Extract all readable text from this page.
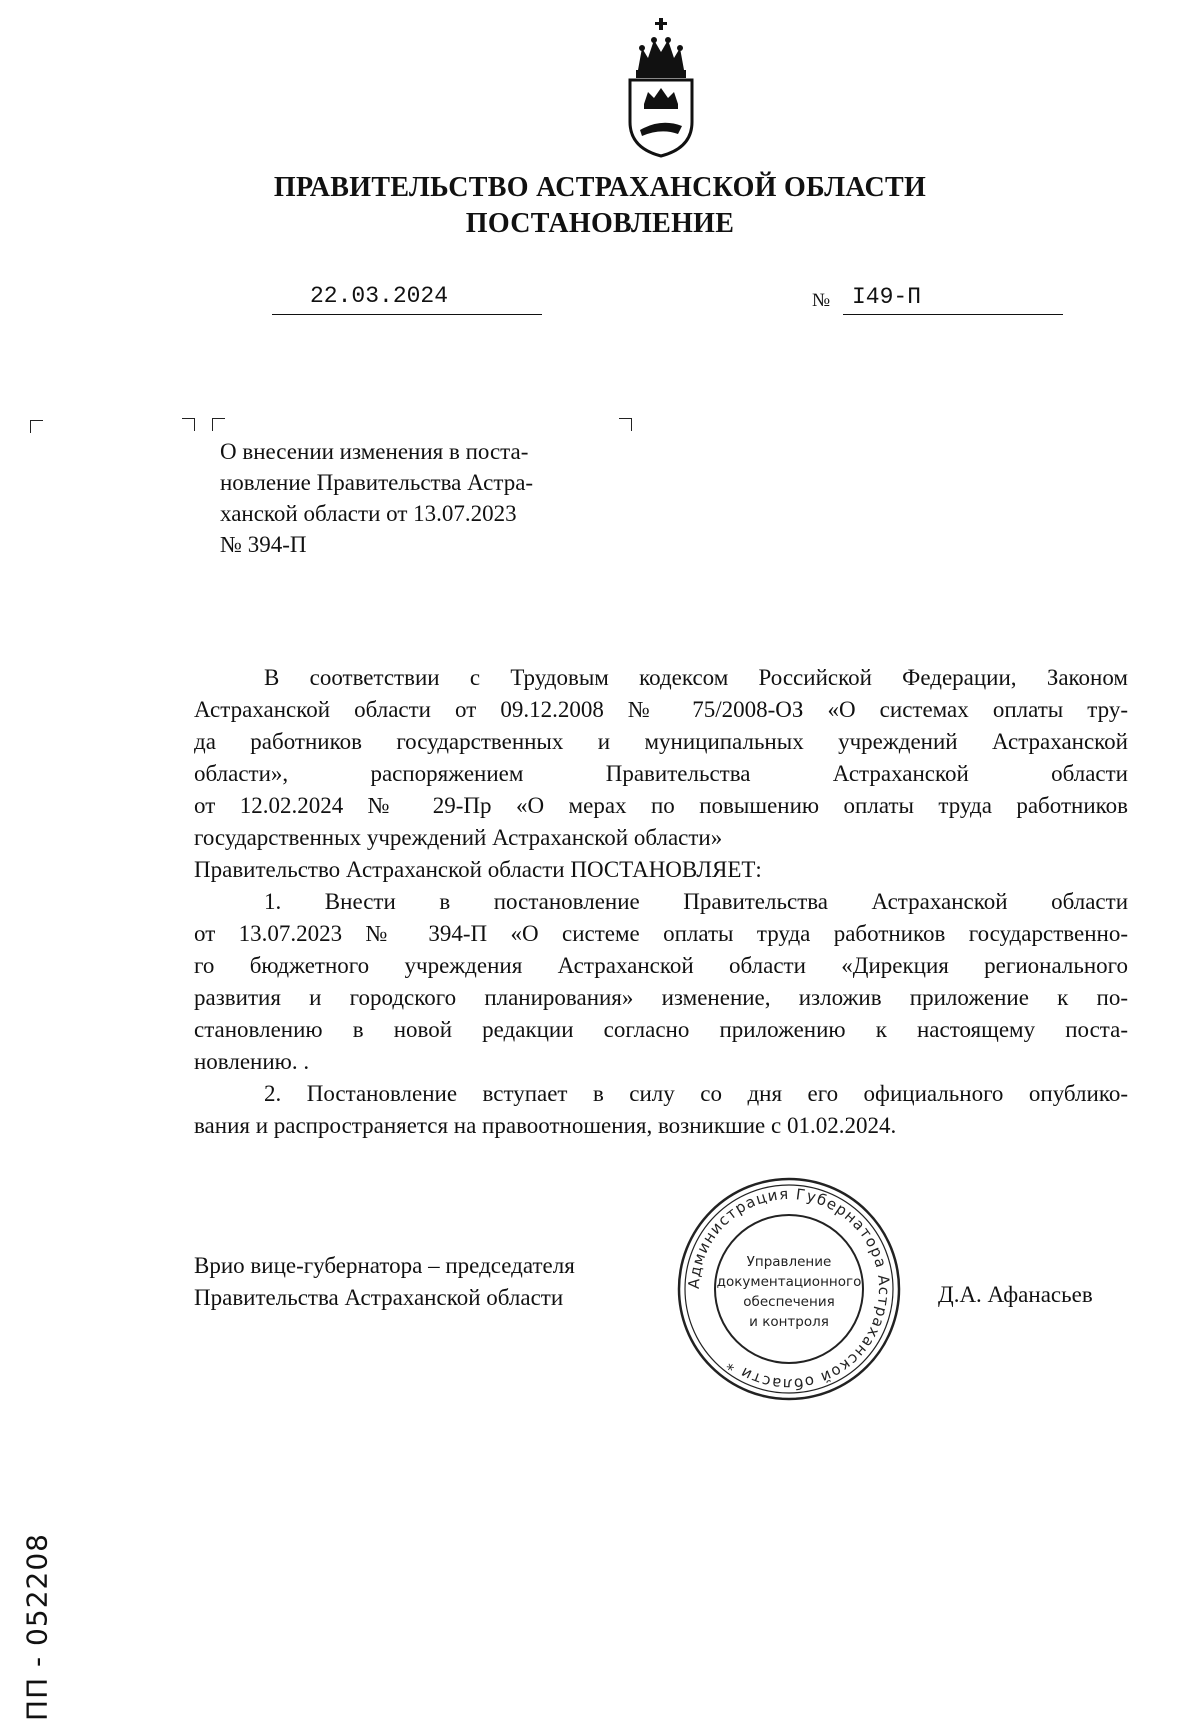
ПРАВИТЕЛЬСТВО АСТРАХАНСКОЙ ОБЛАСТИ
ПОСТАНОВЛЕНИЕ
22.03.2024	№ I49-П
О внесении изменения в поста-
новление Правительства Астра-
ханской области от 13.07.2023
№ 394-П
В соответствии с Трудовым кодексом Российской Федерации, Законом
Астраханской области от 09.12.2008 № 75/2008-ОЗ «О системах оплаты тру-
да работников государственных и муниципальных учреждений Астраханской
области», распоряжением Правительства Астраханской области
от 12.02.2024 № 29-Пр «О мерах по повышению оплаты труда работников
государственных учреждений Астраханской области»
Правительство Астраханской области ПОСТАНОВЛЯЕТ:
1. Внести в постановление Правительства Астраханской области
от 13.07.2023 № 394-П «О системе оплаты труда работников государственно-
го бюджетного учреждения Астраханской области «Дирекция регионального
развития и городского планирования» изменение, изложив приложение к по-
становлению в новой редакции согласно приложению к настоящему поста-
новлению. .
2. Постановление вступает в силу со дня его официального опублико-
вания и распространяется на правоотношения, возникшие с 01.02.2024.
Врио вице-губернатора – председателя
Правительства Астраханской области	Д.А. Афанасьев
Администрация Губернатора Астраханской области *
Управление
документационного
обеспечения
и контроля
ПП - 052208
